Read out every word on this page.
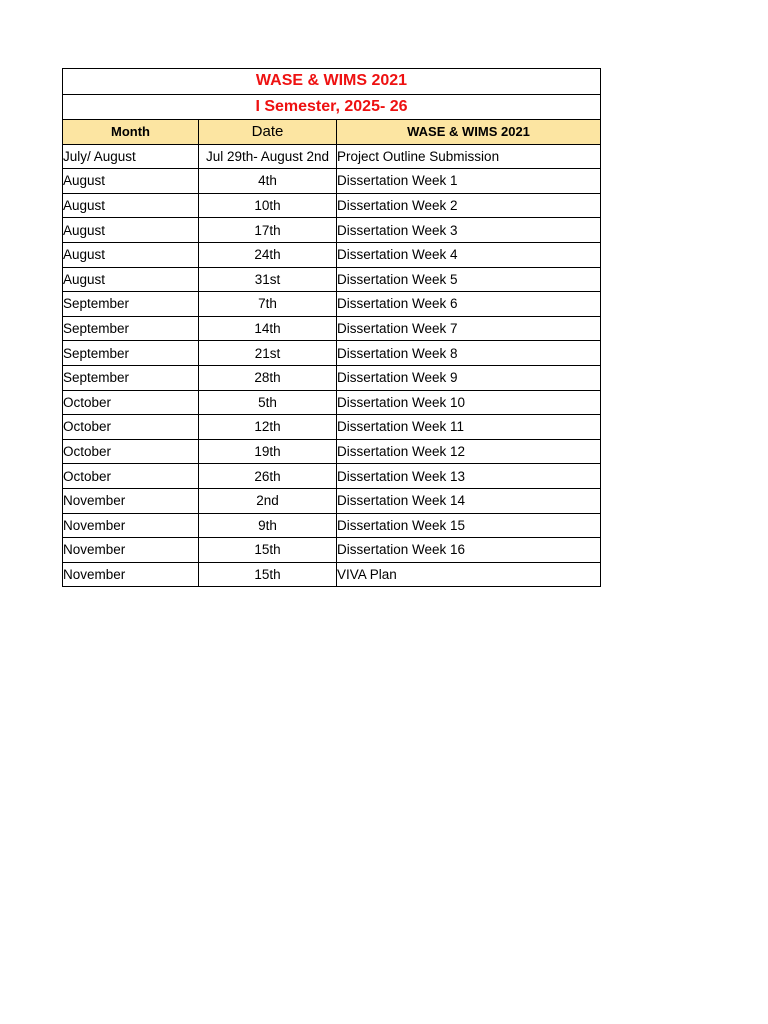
WASE & WIMS 2021		
I Semester, 2025- 26		
Month	Date	WASE & WIMS 2021
July/ August	Jul 29th- August 2nd	Project Outline Submission
August	4th	Dissertation Week 1
August	10th	Dissertation Week 2
August	17th	Dissertation Week 3
August	24th	Dissertation Week 4
August	31st	Dissertation Week 5
September	7th	Dissertation Week 6
September	14th	Dissertation Week 7
September	21st	Dissertation Week 8
September	28th	Dissertation Week 9
October	5th	Dissertation Week 10
October	12th	Dissertation Week 11
October	19th	Dissertation Week 12
October	26th	Dissertation Week 13
November	2nd	Dissertation Week 14
November	9th	Dissertation Week 15
November	15th	Dissertation Week 16
November	15th	VIVA Plan
